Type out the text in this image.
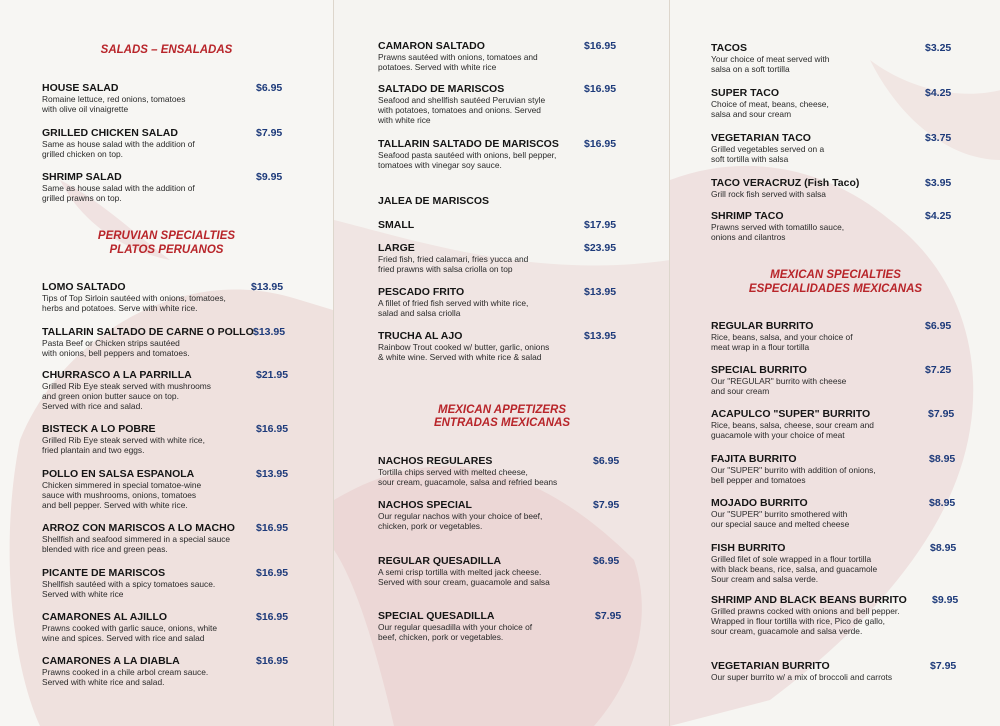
SALADS – ENSALADAS
PERUVIAN SPECIALTIES
PLATOS PERUANOS
HOUSE SALAD
Romaine lettuce, red onions, tomatoes
with olive oil vinaigrette
$6.95
GRILLED CHICKEN SALAD
Same as house salad with the addition of
grilled chicken on top.
$7.95
SHRIMP SALAD
Same as house salad with the addition of
grilled prawns on top.
$9.95
LOMO SALTADO
Tips of Top Sirloin sautéed with onions, tomatoes,
herbs and potatoes. Serve with white rice.
$13.95
TALLARIN SALTADO DE CARNE O POLLO
Pasta Beef or Chicken strips sautéed
with onions, bell peppers and tomatoes.
$13.95
CHURRASCO A LA PARRILLA
Grilled Rib Eye steak served with mushrooms
and green onion butter sauce on top.
Served with rice and salad.
$21.95
BISTECK A LO POBRE
Grilled Rib Eye steak served with white rice,
fried plantain and two eggs.
$16.95
POLLO EN SALSA ESPANOLA
Chicken simmered in special tomatoe-wine
sauce with mushrooms, onions, tomatoes
and bell pepper. Served with white rice.
$13.95
ARROZ CON MARISCOS A LO MACHO
Shellfish and seafood simmered in a special sauce
blended with rice and green peas.
$16.95
PICANTE DE MARISCOS
Shellfish sautéed with a spicy tomatoes sauce.
Served with white rice
$16.95
CAMARONES AL AJILLO
Prawns cooked with garlic sauce, onions, white
wine and spices. Served with rice and salad
$16.95
CAMARONES A LA DIABLA
Prawns cooked in a chile arbol cream sauce.
Served with white rice and salad.
$16.95
MEXICAN APPETIZERS
ENTRADAS MEXICANAS
CAMARON SALTADO
Prawns sautéed with onions, tomatoes and
potatoes. Served with white rice
$16.95
SALTADO DE MARISCOS
Seafood and shellfish sautéed Peruvian style
with potatoes, tomatoes and onions. Served
with white rice
$16.95
TALLARIN SALTADO DE MARISCOS
Seafood pasta sautéed with onions, bell pepper,
tomatoes with vinegar soy sauce.
$16.95
JALEA DE MARISCOS
SMALL	$17.95
LARGE
Fried fish, fried calamari, fries yucca and
fried prawns with salsa criolla on top
$23.95
PESCADO FRITO
A fillet of fried fish served with white rice,
salad and salsa criolla
$13.95
TRUCHA AL AJO
Rainbow Trout cooked w/ butter, garlic, onions
& white wine. Served with white rice & salad
$13.95
NACHOS REGULARES
Tortilla chips served with melted cheese,
sour cream, guacamole, salsa and refried beans
$6.95
NACHOS SPECIAL
Our regular nachos with your choice of beef,
chicken, pork or vegetables.
$7.95
REGULAR QUESADILLA
A semi crisp tortilla with melted jack cheese.
Served with sour cream, guacamole and salsa
$6.95
SPECIAL QUESADILLA
Our regular quesadilla with your choice of
beef, chicken, pork or vegetables.
$7.95
MEXICAN SPECIALTIES
ESPECIALIDADES MEXICANAS
TACOS
Your choice of meat served with
salsa on a soft tortilla
$3.25
SUPER TACO
Choice of meat, beans, cheese,
salsa and sour cream
$4.25
VEGETARIAN TACO
Grilled vegetables served on a
soft tortilla with salsa
$3.75
TACO VERACRUZ (Fish Taco)
Grill rock fish served with salsa
$3.95
SHRIMP TACO
Prawns served with tomatillo sauce,
onions and cilantros
$4.25
REGULAR BURRITO
Rice, beans, salsa, and your choice of
meat wrap in a flour tortilla
$6.95
SPECIAL BURRITO
Our "REGULAR" burrito with cheese
and sour cream
$7.25
ACAPULCO "SUPER" BURRITO
Rice, beans, salsa, cheese, sour cream and
guacamole with your choice of meat
$7.95
FAJITA BURRITO
Our "SUPER" burrito with addition of onions,
bell pepper and tomatoes
$8.95
MOJADO BURRITO
Our "SUPER" burrito smothered with
our special sauce and melted cheese
$8.95
FISH BURRITO
Grilled filet of sole wrapped in a flour tortilla
with black beans, rice, salsa, and guacamole
Sour cream and salsa verde.
$8.95
SHRIMP AND BLACK BEANS BURRITO
Grilled prawns cocked with onions and bell pepper.
Wrapped in flour tortilla with rice, Pico de gallo,
sour cream, guacamole and salsa verde.
$9.95
VEGETARIAN BURRITO
Our super burrito w/ a mix of broccoli and carrots
$7.95
